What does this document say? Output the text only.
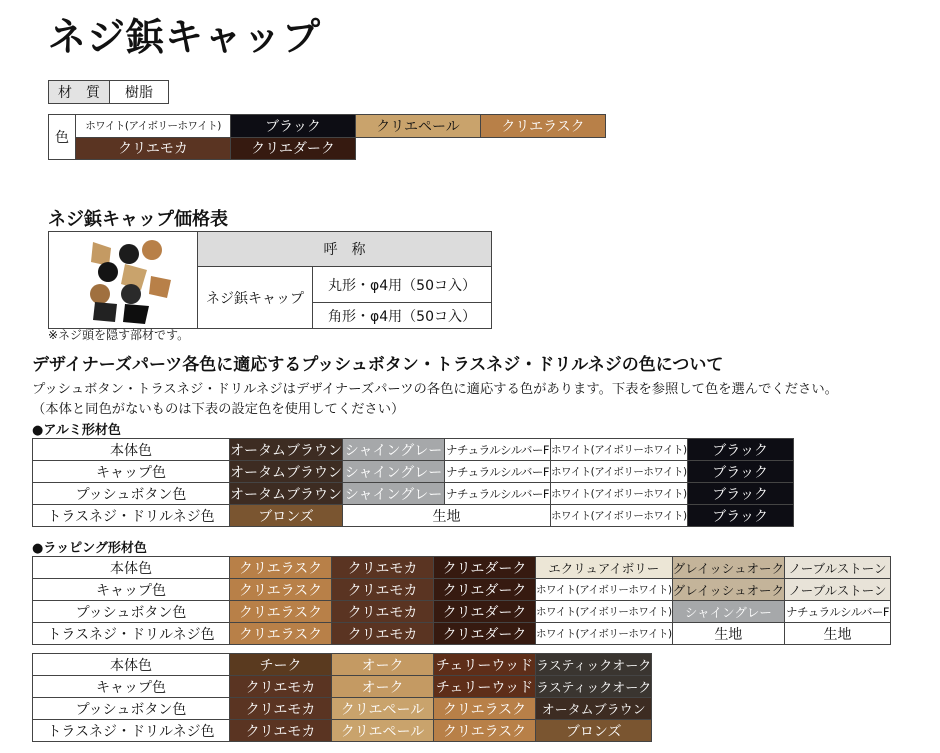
ネジ鋲キャップ
材　質	樹脂
色	ホワイト(アイボリーホワイト)	ブラック	クリエペール	クリエラスク
	クリエモカ	クリエダーク		
ネジ鋲キャップ価格表
	呼　称	
	ネジ鋲キャップ	丸形・φ4用（50コ入）
		角形・φ4用（50コ入）
※ネジ頭を隠す部材です。
デザイナーズパーツ各色に適応するプッシュボタン・トラスネジ・ドリルネジの色について
プッシュボタン・トラスネジ・ドリルネジはデザイナーズパーツの各色に適応する色があります。下表を参照して色を選んでください。
（本体と同色がないものは下表の設定色を使用してください）
●アルミ形材色
本体色	オータムブラウン	シャイングレー	ナチュラルシルバーF	ホワイト(アイボリーホワイト)	ブラック
キャップ色	オータムブラウン	シャイングレー	ナチュラルシルバーF	ホワイト(アイボリーホワイト)	ブラック
プッシュボタン色	オータムブラウン	シャイングレー	ナチュラルシルバーF	ホワイト(アイボリーホワイト)	ブラック
トラスネジ・ドリルネジ色	ブロンズ	生地		ホワイト(アイボリーホワイト)	ブラック
●ラッピング形材色
本体色	クリエラスク	クリエモカ	クリエダーク	エクリュアイボリー	グレイッシュオーク	ノーブルストーン
キャップ色	クリエラスク	クリエモカ	クリエダーク	ホワイト(アイボリーホワイト)	グレイッシュオーク	ノーブルストーン
プッシュボタン色	クリエラスク	クリエモカ	クリエダーク	ホワイト(アイボリーホワイト)	シャイングレー	ナチュラルシルバーF
トラスネジ・ドリルネジ色	クリエラスク	クリエモカ	クリエダーク	ホワイト(アイボリーホワイト)	生地	生地
本体色	チーク	オーク	チェリーウッド	ラスティックオーク
キャップ色	クリエモカ	オーク	チェリーウッド	ラスティックオーク
プッシュボタン色	クリエモカ	クリエペール	クリエラスク	オータムブラウン
トラスネジ・ドリルネジ色	クリエモカ	クリエペール	クリエラスク	ブロンズ
